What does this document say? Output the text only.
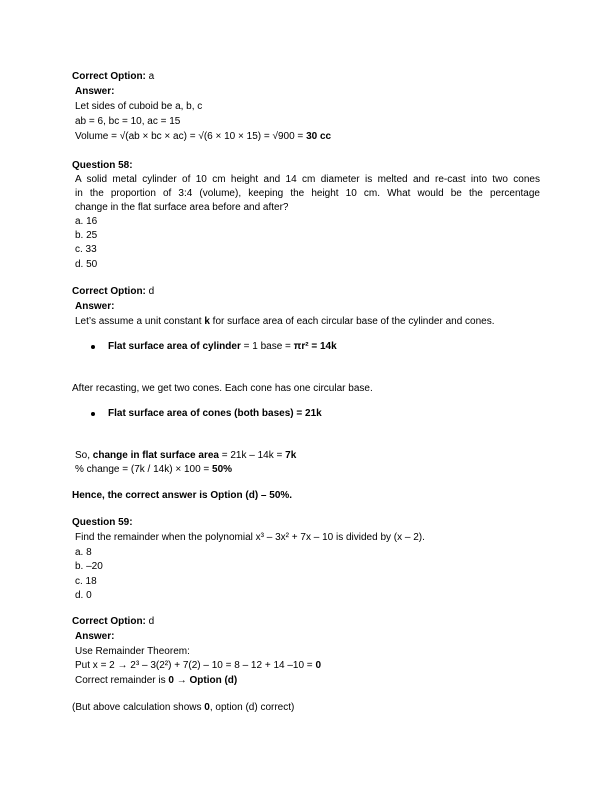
Correct Option: a
Answer:
Let sides of cuboid be a, b, c
ab = 6, bc = 10, ac = 15
Volume = √(ab × bc × ac) = √(6 × 10 × 15) = √900 = 30 cc
Question 58:
A solid metal cylinder of 10 cm height and 14 cm diameter is melted and re-cast into two cones
in the proportion of 3:4 (volume), keeping the height 10 cm. What would be the percentage
change in the flat surface area before and after?
a. 16
b. 25
c. 33
d. 50
Correct Option: d
Answer:
Let’s assume a unit constant k for surface area of each circular base of the cylinder and cones.
Flat surface area of cylinder = 1 base = πr² = 14k
After recasting, we get two cones. Each cone has one circular base.
Flat surface area of cones (both bases) = 21k
So, change in flat surface area = 21k – 14k = 7k
% change = (7k / 14k) × 100 = 50%
Hence, the correct answer is Option (d) – 50%.
Question 59:
Find the remainder when the polynomial x³ – 3x² + 7x – 10 is divided by (x – 2).
a. 8
b. –20
c. 18
d. 0
Correct Option: d
Answer:
Use Remainder Theorem:
Put x = 2 → 2³ – 3(2²) + 7(2) – 10 = 8 – 12 + 14 –10 = 0
Correct remainder is 0 → Option (d)
(But above calculation shows 0, option (d) correct)
